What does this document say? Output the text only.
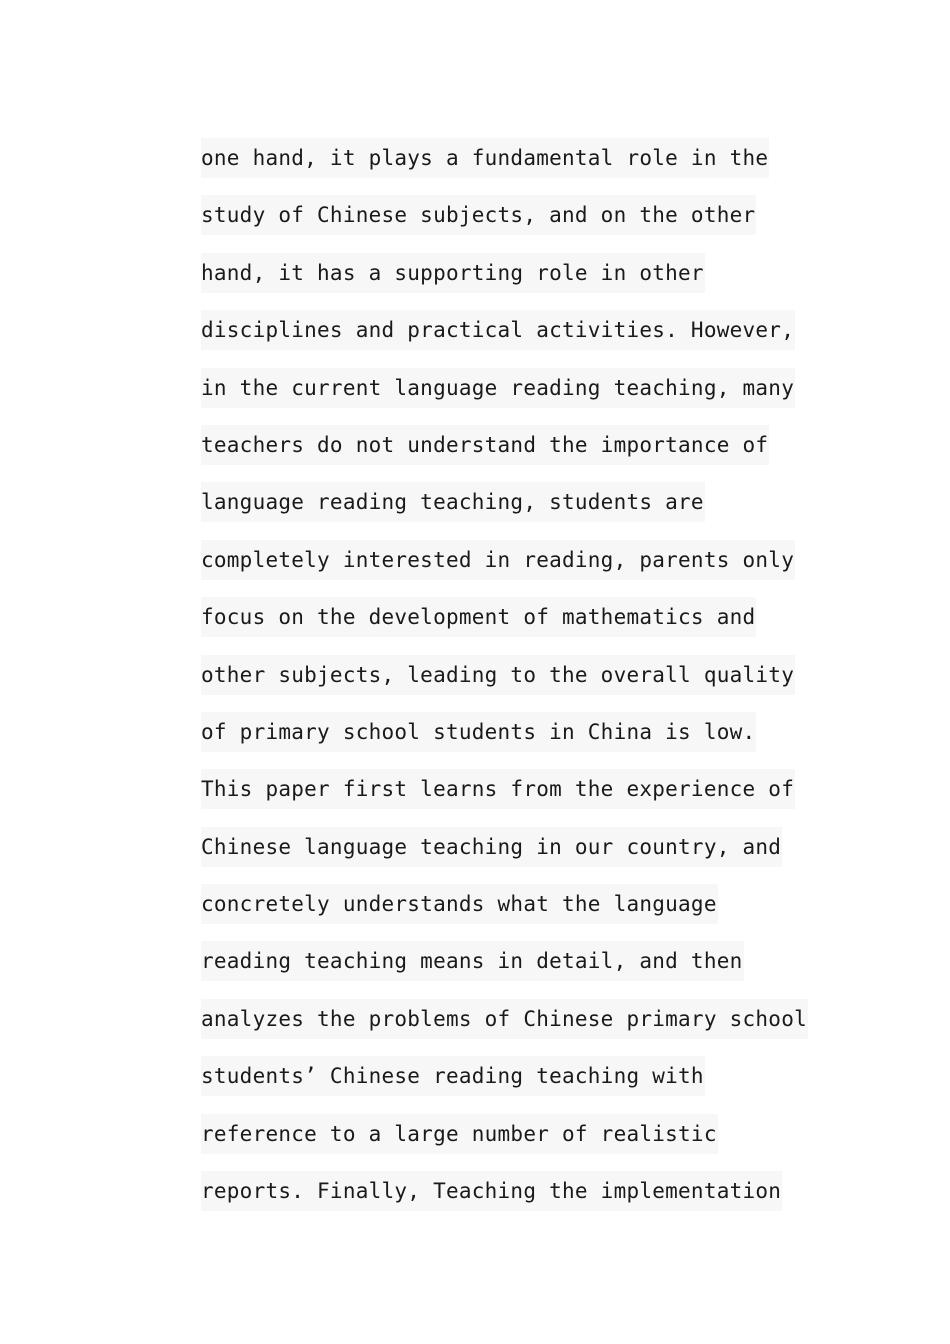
one hand, it plays a fundamental role in the
study of Chinese subjects, and on the other
hand, it has a supporting role in other
disciplines and practical activities. However,
in the current language reading teaching, many
teachers do not understand the importance of
language reading teaching, students are
completely interested in reading, parents only
focus on the development of mathematics and
other subjects, leading to the overall quality
of primary school students in China is low.
This paper first learns from the experience of
Chinese language teaching in our country, and
concretely understands what the language
reading teaching means in detail, and then
analyzes the problems of Chinese primary school
students’ Chinese reading teaching with
reference to a large number of realistic
reports. Finally, Teaching the implementation
